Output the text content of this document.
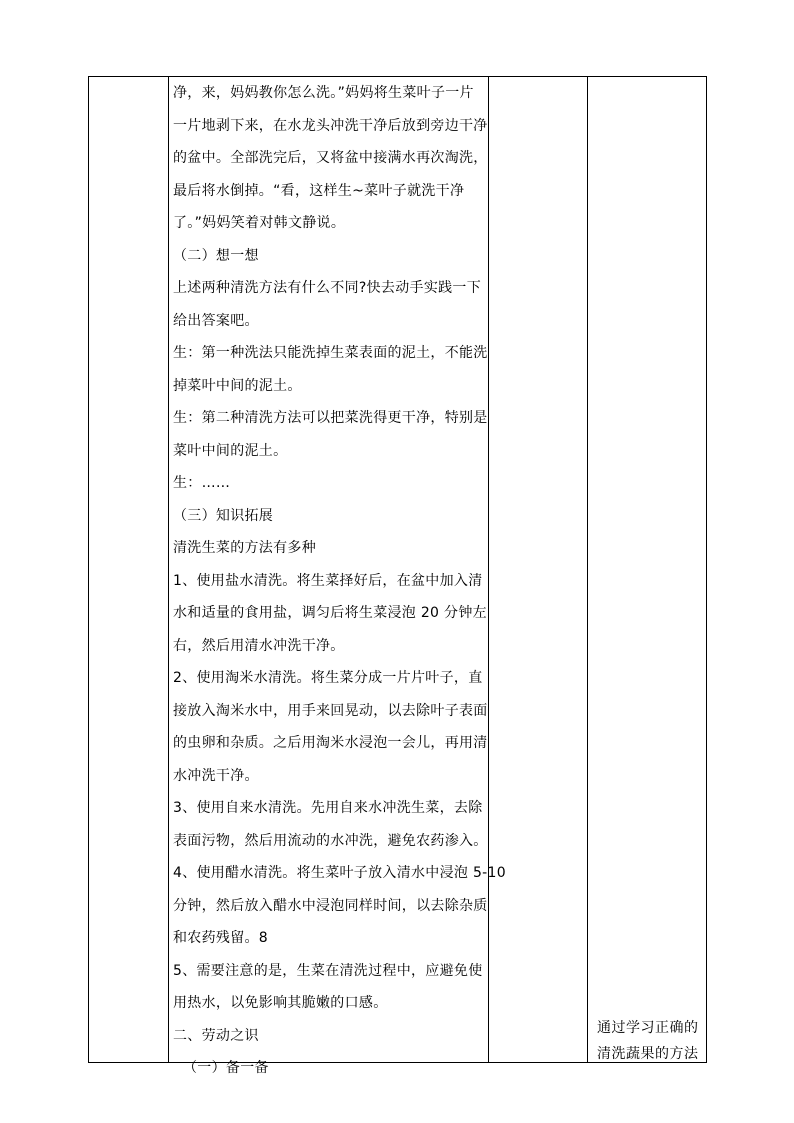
净，来，妈妈教你怎么洗。”妈妈将生菜叶子一片
一片地剥下来，在水龙头冲洗干净后放到旁边干净
的盆中。全部洗完后，又将盆中接满水再次淘洗，
最后将水倒掉。“看，这样生~菜叶子就洗干净
了。”妈妈笑着对韩文静说。
（二）想一想
上述两种清洗方法有什么不同?快去动手实践一下
给出答案吧。
生：第一种洗法只能洗掉生菜表面的泥土，不能洗
掉菜叶中间的泥土。
生：第二种清洗方法可以把菜洗得更干净，特别是
菜叶中间的泥土。
生：……
（三）知识拓展
清洗生菜的方法有多种
1、使用盐水清洗。将生菜择好后，在盆中加入清
水和适量的食用盐，调匀后将生菜浸泡 20 分钟左
右，然后用清水冲洗干净。
2、使用淘米水清洗。将生菜分成一片片叶子，直
接放入淘米水中，用手来回晃动，以去除叶子表面
的虫卵和杂质。之后用淘米水浸泡一会儿，再用清
水冲洗干净。
3、使用自来水清洗。先用自来水冲洗生菜，去除
表面污物，然后用流动的水冲洗，避免农药渗入。
4、使用醋水清洗。将生菜叶子放入清水中浸泡 5-10
分钟，然后放入醋水中浸泡同样时间，以去除杂质
和农药残留。8
5、需要注意的是，生菜在清洗过程中，应避免使
用热水，以免影响其脆嫩的口感。
二、劳动之识
（一）备一备
通过学习正确的
清洗蔬果的方法
